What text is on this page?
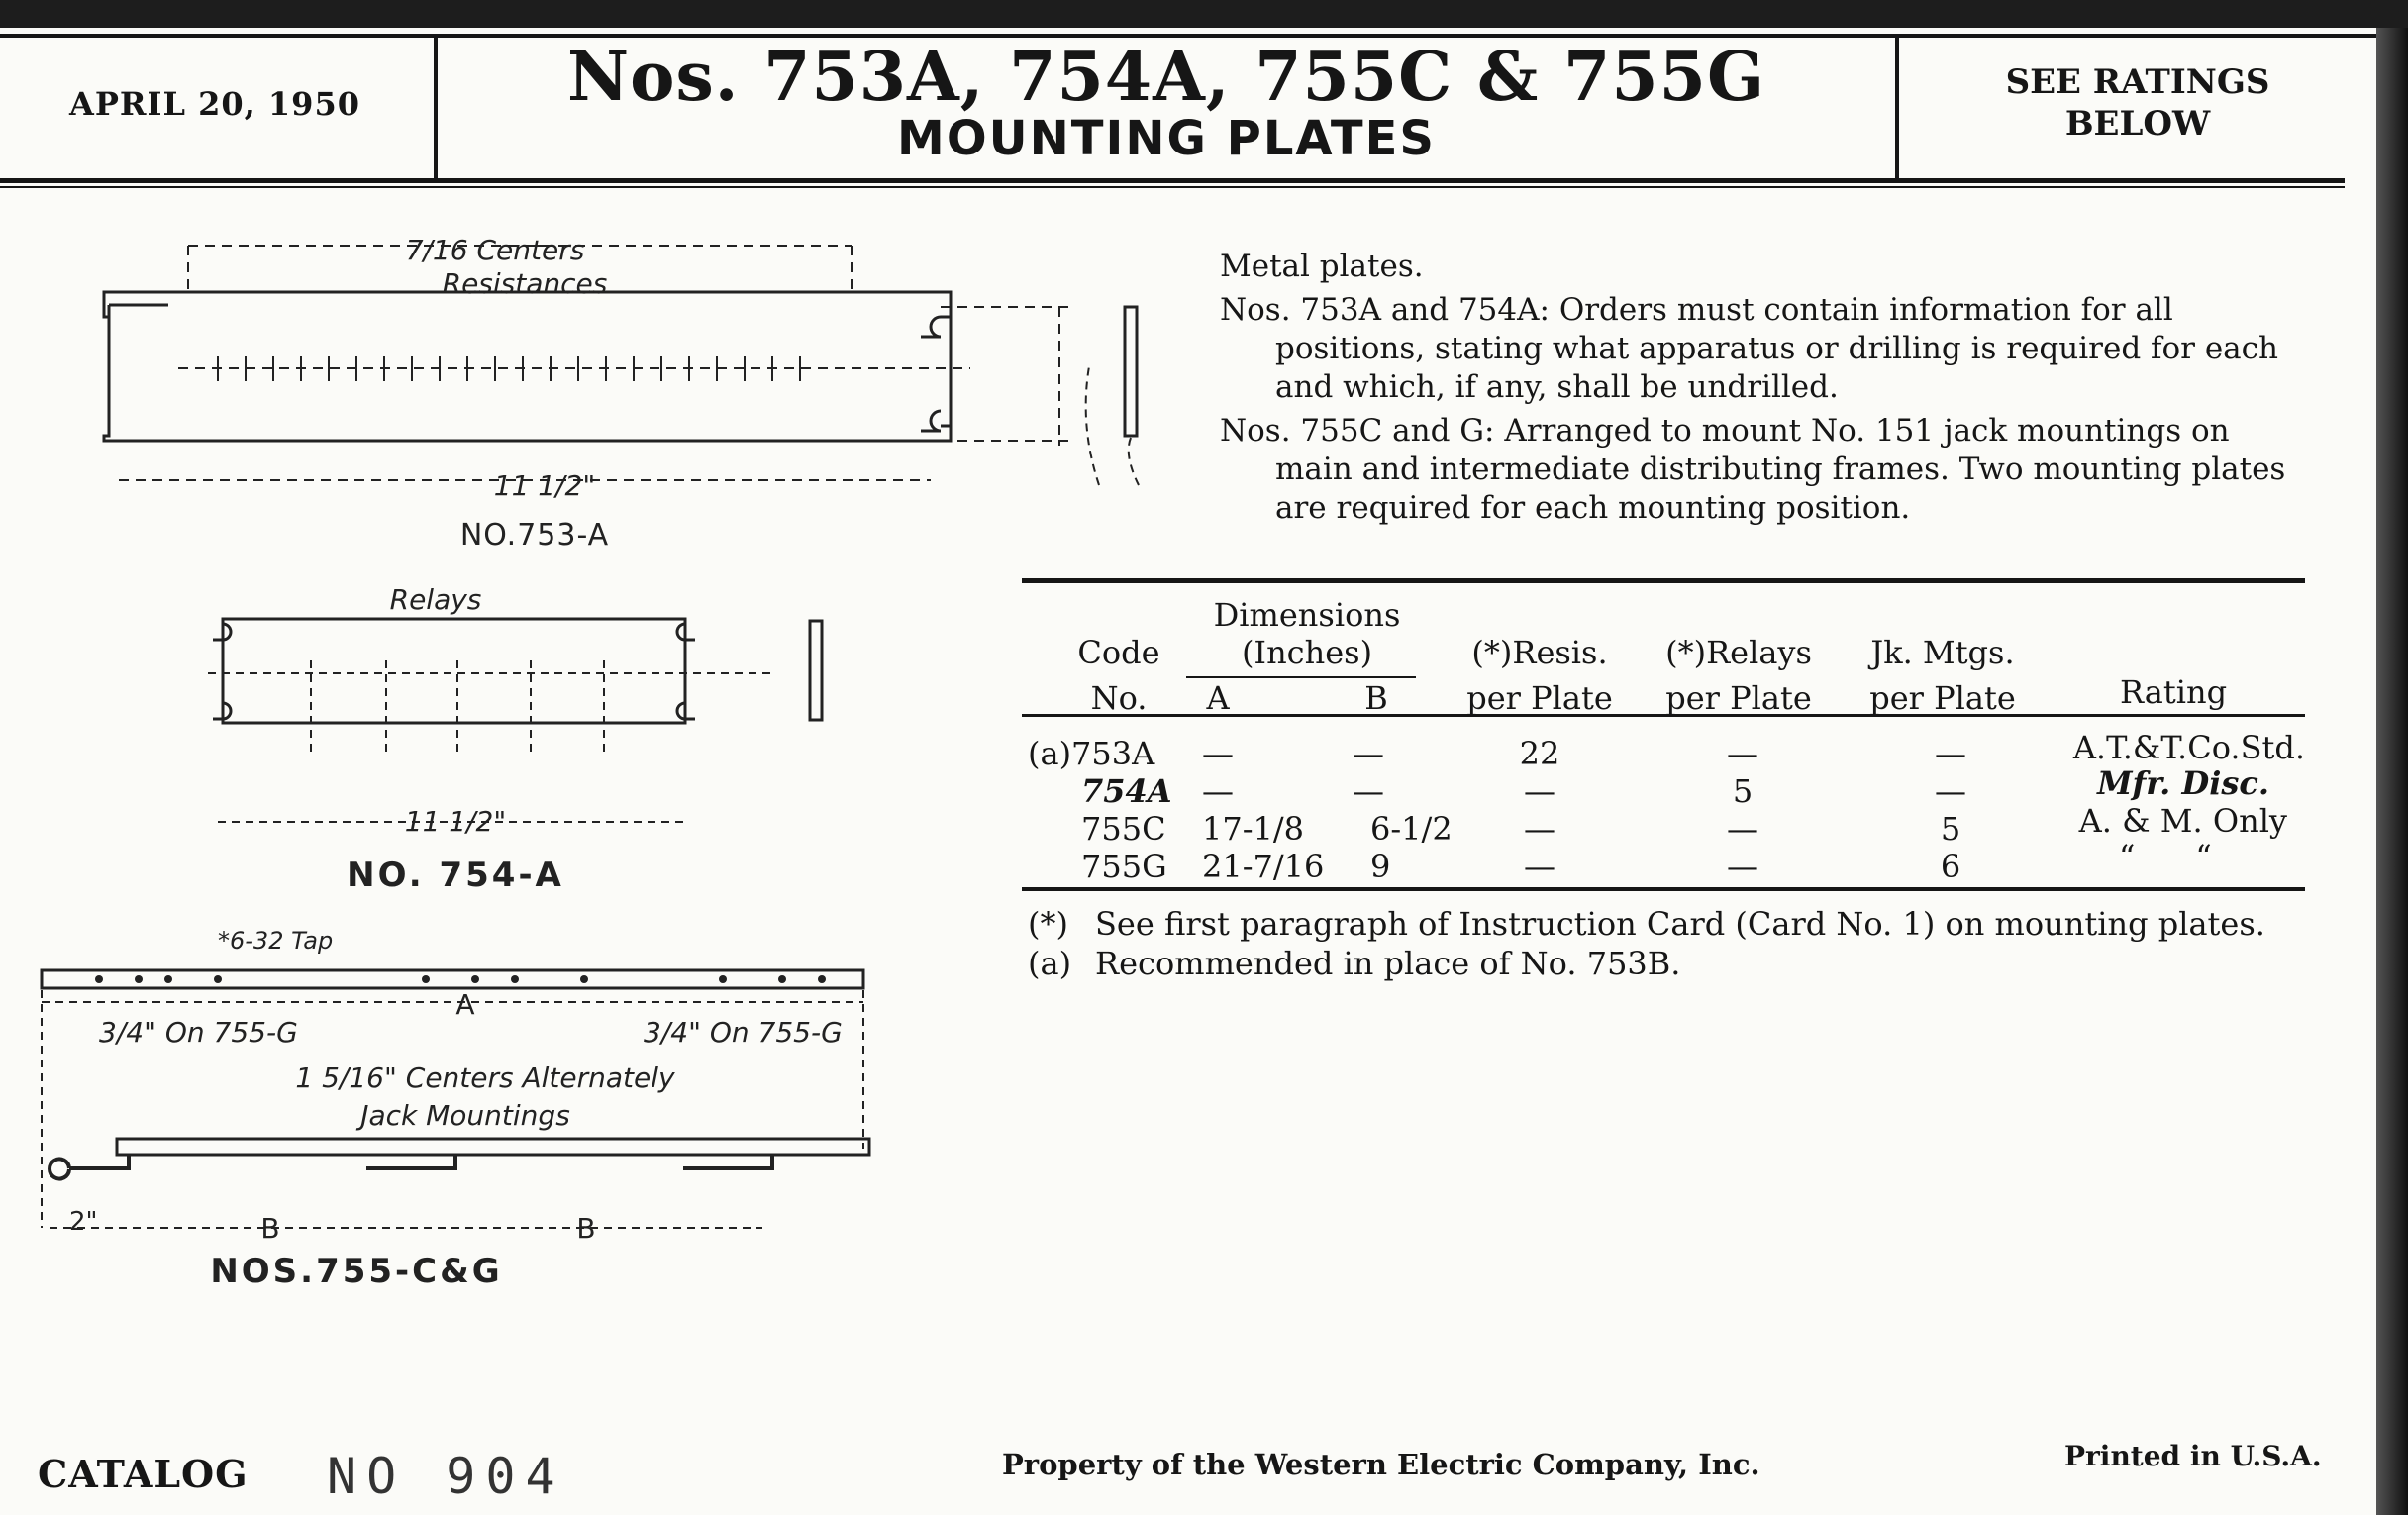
APRIL 20, 1950	Nos. 753A, 754A, 755C & 755G
MOUNTING PLATES
SEE RATINGS
BELOW

Metal plates.

Nos. 753A and 754A: Orders must contain information for all positions, stating what apparatus or drilling is required for each and which, if any, shall be undrilled.

Nos. 755C and G: Arranged to mount No. 151 jack mountings on main and intermediate distributing frames. Two mounting plates are required for each mounting position.

Code
No.
Dimensions
(Inches)
A	B
(*)Resis.
per Plate
(*)Relays
per Plate
Jk. Mtgs.
per Plate	Rating
(a)753A —	—	22	—	—	A.T.&T.Co.Std.
754A —	—	—	5	—	Mfr. Disc.
755C 17-1/8 6-1/2	—	—	5	A. & M. Only
755G 21-7/16 9	—	—	6	“      “
(*) See first paragraph of Instruction Card (Card No. 1) on mounting plates.
(a) Recommended in place of No. 753B.
7/16 Centers
Resistances
11 1/2"
NO.753-A
Relays
11 1/2"
NO. 754-A
*6-32 Tap
A
3/4" On 755-G	3/4" On 755-G
1 5/16" Centers Alternately
Jack Mountings
2"	B	B
NOS.755-C&G
CATALOG NO 904	Property of the Western Electric Company, Inc.	Printed in U.S.A.
